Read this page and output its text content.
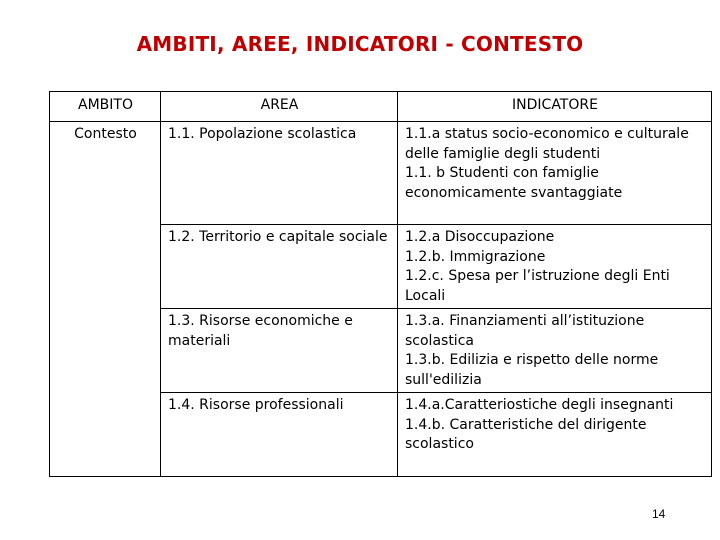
AMBITI, AREE, INDICATORI - CONTESTO
AMBITO	AREA	INDICATORE
Contesto	1.1. Popolazione scolastica	1.1.a status socio-economico e culturale delle famiglie degli studenti
1.1. b Studenti con famiglie economicamente svantaggiate

	1.2. Territorio e capitale sociale	1.2.a Disoccupazione
1.2.b. Immigrazione
1.2.c. Spesa per l’istruzione degli Enti Locali

	1.3. Risorse economiche e materiali	1.3.a. Finanziamenti all’istituzione scolastica
1.3.b. Edilizia e rispetto delle norme sull'edilizia

	1.4. Risorse professionali	1.4.a.Caratteriostiche degli insegnanti
1.4.b. Caratteristiche del dirigente scolastico
14
